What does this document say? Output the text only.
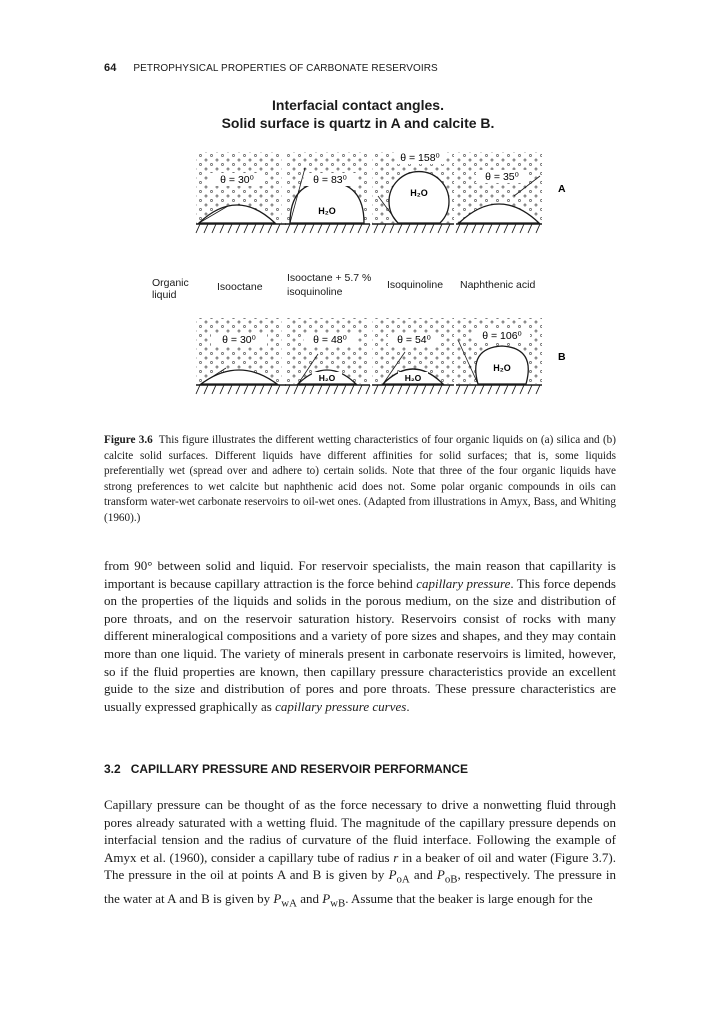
64 PETROPHYSICAL PROPERTIES OF CARBONATE RESERVOIRS
Interfacial contact angles.
Solid surface is quartz in A and calcite B.
θ = 30⁰	θ = 83⁰
H₂O
θ = 158⁰
H₂O
θ = 35⁰
A
Organic
liquid
Isooctane
Isooctane + 5.7 %
isoquinoline
Isoquinoline Naphthenic acid
θ = 30⁰
H₂O
θ = 48⁰
H₂O
θ = 54⁰	θ = 106⁰
H₂O
B
Figure 3.6 This figure illustrates the different wetting characteristics of four organic liquids on (a) silica and (b) calcite solid surfaces. Different liquids have different affinities for solid surfaces; that is, some liquids preferentially wet (spread over and adhere to) certain solids. Note that three of the four organic liquids have strong preferences to wet calcite but naphthenic acid does not. Some polar organic compounds in oils can transform water-wet carbonate reservoirs to oil-wet ones. (Adapted from illustrations in Amyx, Bass, and Whiting (1960).)

from 90° between solid and liquid. For reservoir specialists, the main reason that capillarity is important is because capillary attraction is the force behind capillary pressure. This force depends on the properties of the liquids and solids in the porous medium, on the size and distribution of pore throats, and on the reservoir saturation history. Reservoirs consist of rocks with many different mineralogical compositions and a variety of pore sizes and shapes, and they may contain more than one liquid. The variety of minerals present in carbonate reservoirs is limited, however, so if the fluid properties are known, then capillary pressure characteristics provide an excellent guide to the size and distribution of pores and pore throats. These pressure characteristics are usually expressed graphically as capillary pressure curves.

3.2 CAPILLARY PRESSURE AND RESERVOIR PERFORMANCE

Capillary pressure can be thought of as the force necessary to drive a nonwetting fluid through pores already saturated with a wetting fluid. The magnitude of the capillary pressure depends on interfacial tension and the radius of curvature of the fluid interface. Following the example of Amyx et al. (1960), consider a capillary tube of radius r in a beaker of oil and water (Figure 3.7). The pressure in the oil at points A and B is given by $P_{oA}$ and $P_{oB}$, respectively. The pressure in the water at A and B is given by $P_{wA}$ and $P_{wB}$. Assume that the beaker is large enough for the
